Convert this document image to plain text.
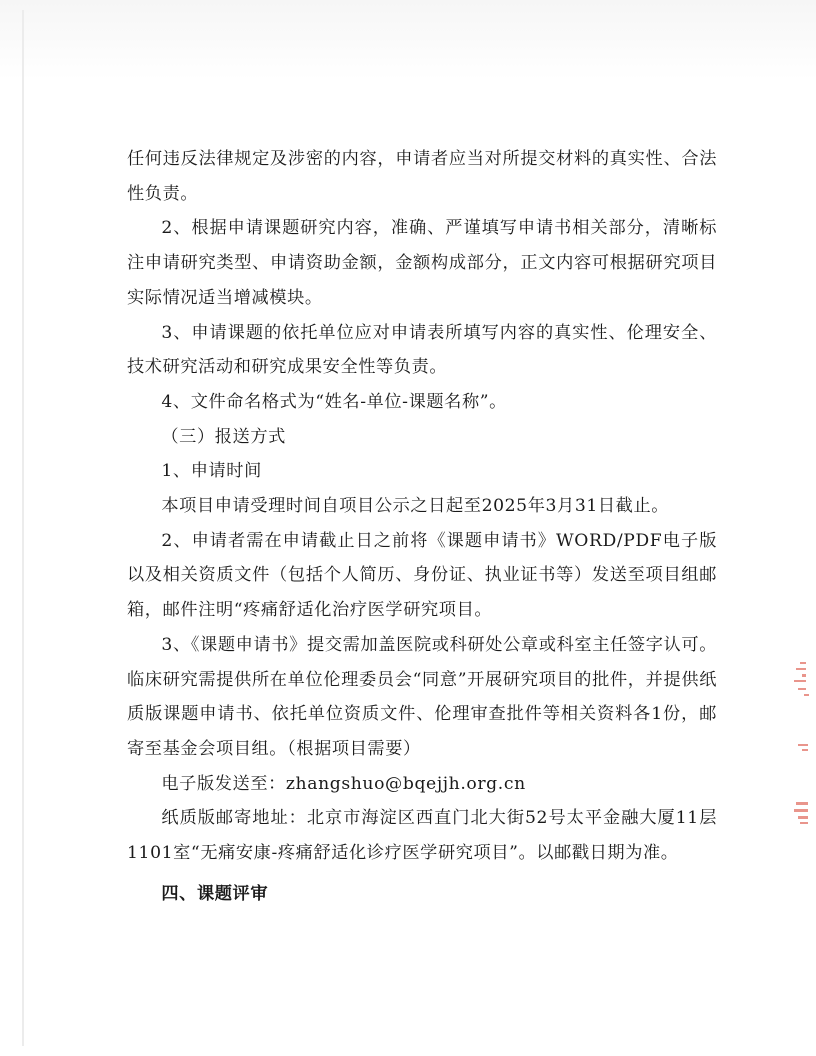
任何违反法律规定及涉密的内容，申请者应当对所提交材料的真实性、合法性负责。

2、根据申请课题研究内容，准确、严谨填写申请书相关部分，清晰标注申请研究类型、申请资助金额，金额构成部分，正文内容可根据研究项目实际情况适当增减模块。

3、申请课题的依托单位应对申请表所填写内容的真实性、伦理安全、技术研究活动和研究成果安全性等负责。

4、文件命名格式为“姓名-单位-课题名称”。

（三）报送方式

1、申请时间

本项目申请受理时间自项目公示之日起至2025年3月31日截止。

2、申请者需在申请截止日之前将《课题申请书》WORD/PDF电子版以及相关资质文件（包括个人简历、身份证、执业证书等）发送至项目组邮箱，邮件注明“疼痛舒适化治疗医学研究项目。

3、《课题申请书》提交需加盖医院或科研处公章或科室主任签字认可。临床研究需提供所在单位伦理委员会“同意”开展研究项目的批件，并提供纸质版课题申请书、依托单位资质文件、伦理审查批件等相关资料各1份，邮寄至基金会项目组。（根据项目需要）

电子版发送至：zhangshuo@bqejjh.org.cn

纸质版邮寄地址：北京市海淀区西直门北大街52号太平金融大厦11层1101室“无痛安康-疼痛舒适化诊疗医学研究项目”。以邮戳日期为准。

四、课题评审
